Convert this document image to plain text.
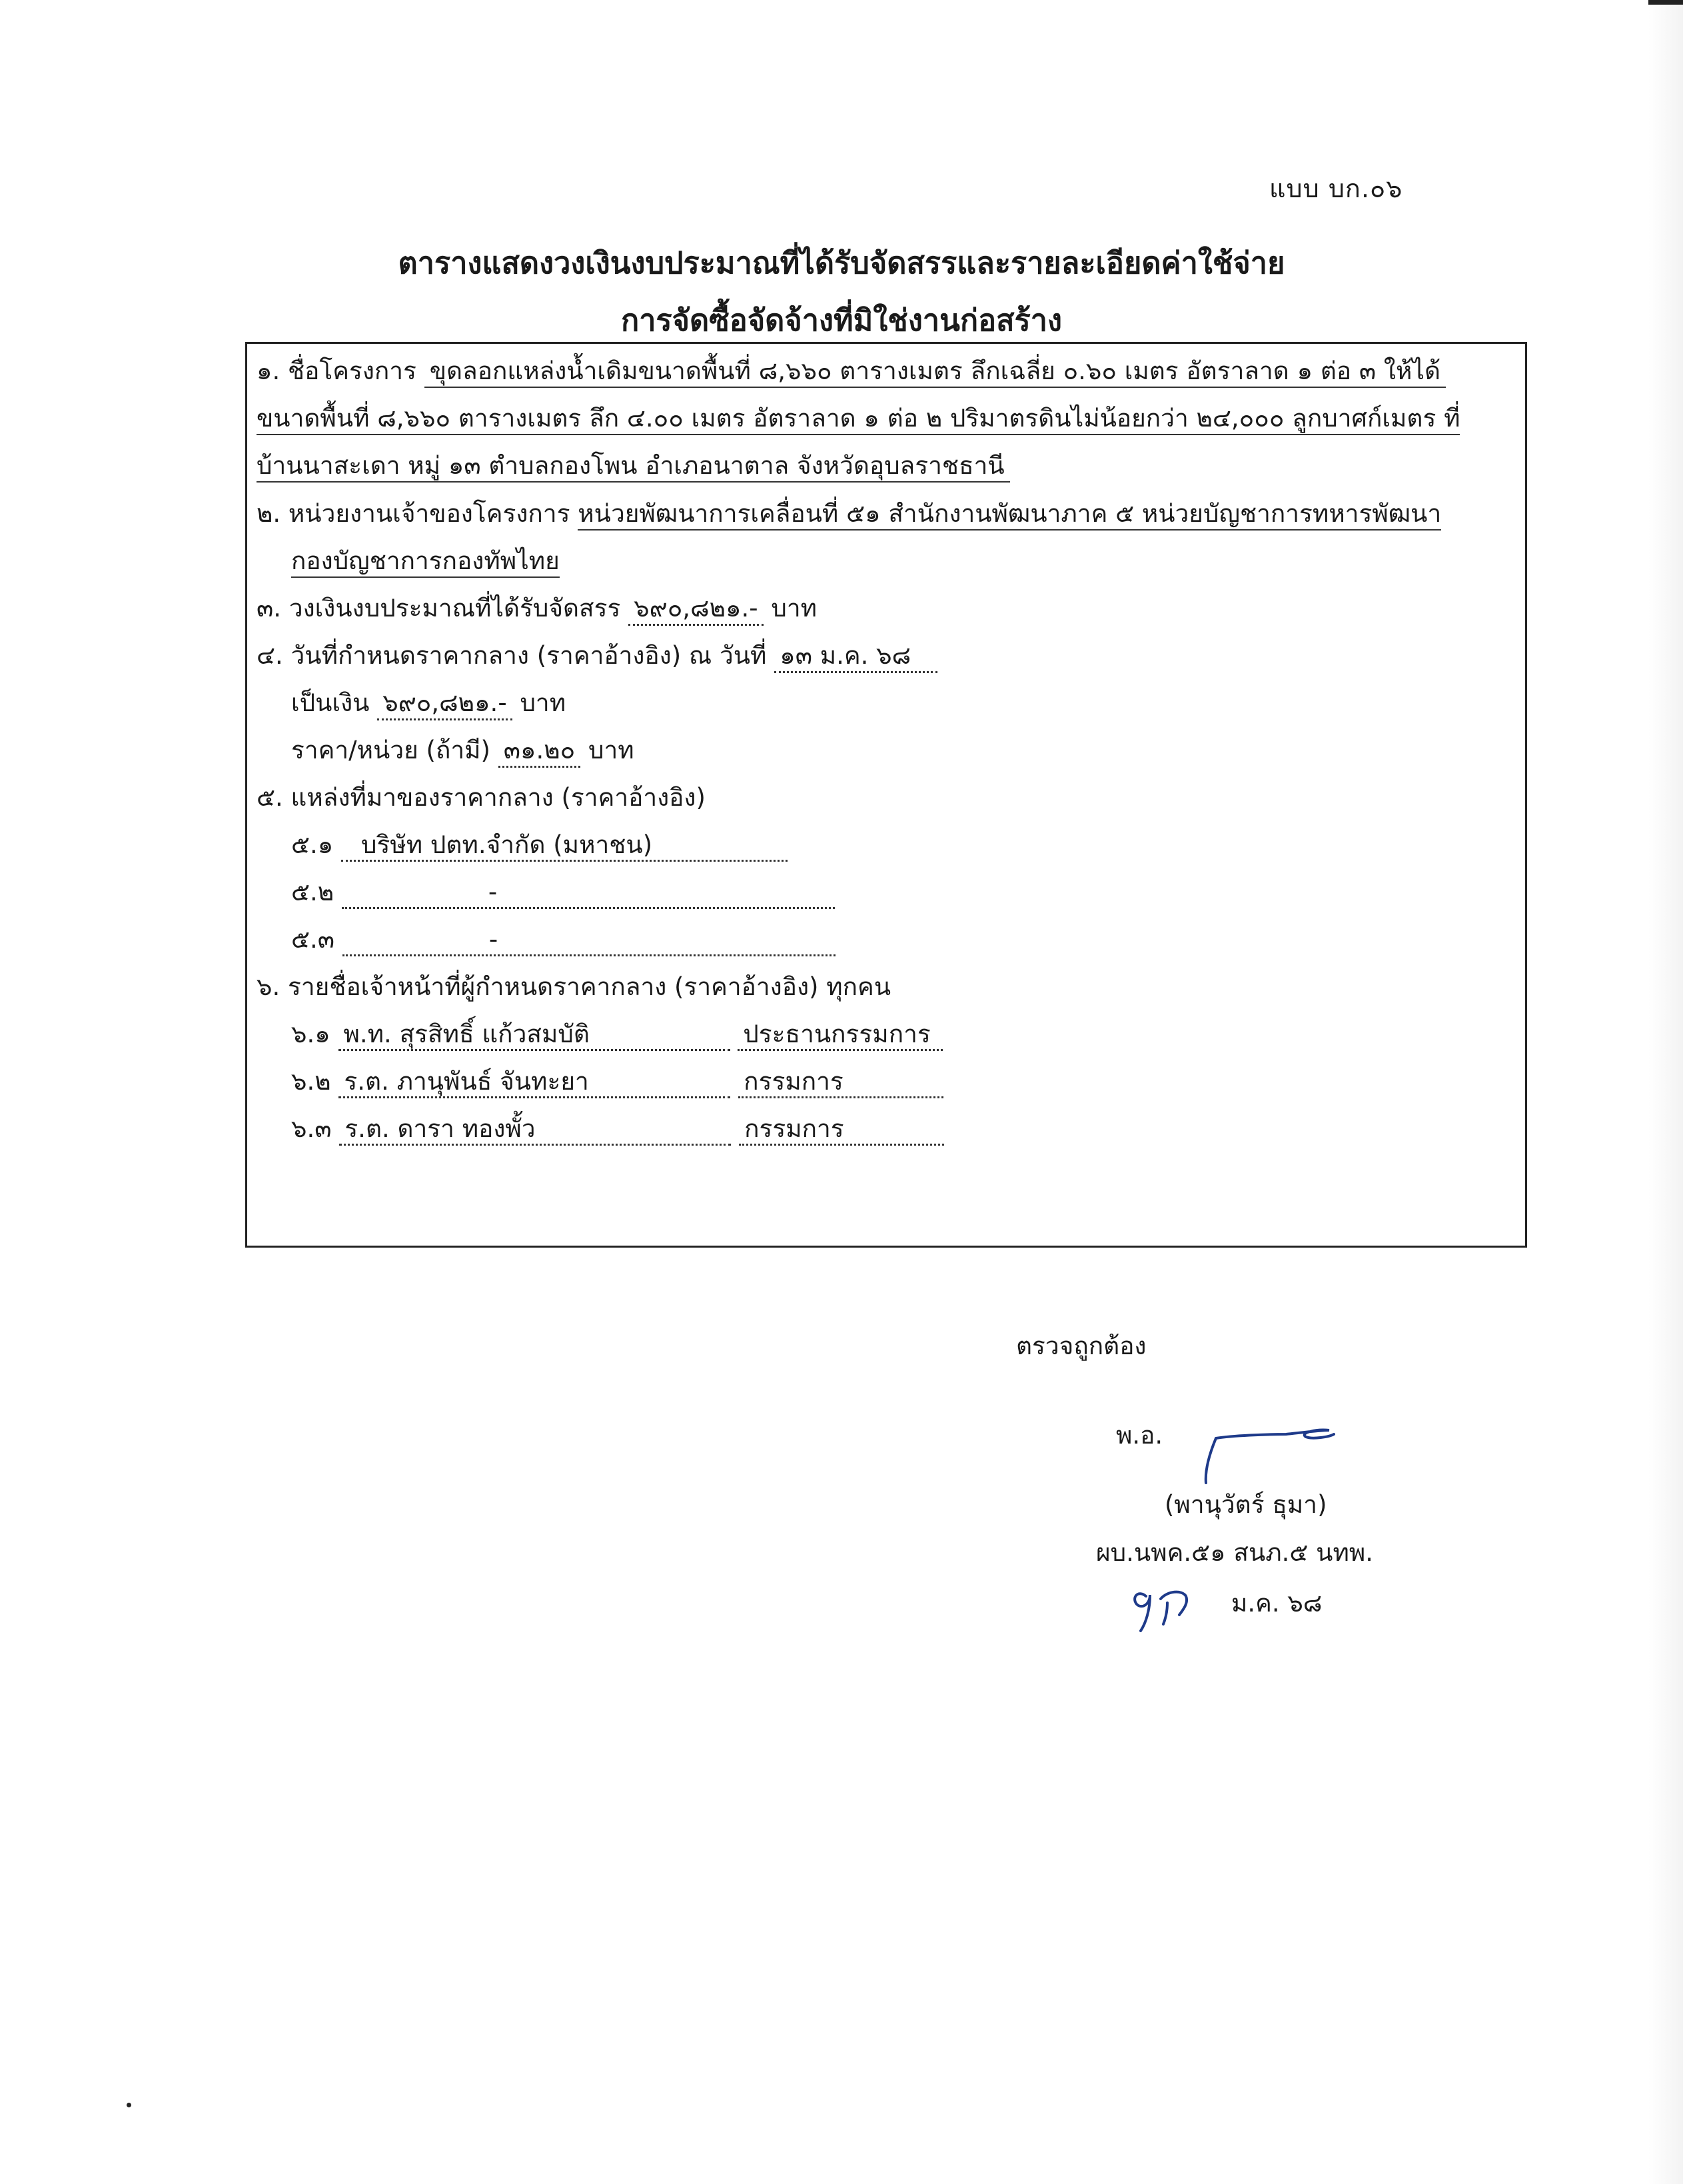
แบบ บก.๐๖
ตารางแสดงวงเงินงบประมาณที่ได้รับจัดสรรและรายละเอียดค่าใช้จ่าย
การจัดซื้อจัดจ้างที่มิใช่งานก่อสร้าง
๑. ชื่อโครงการ ขุดลอกแหล่งน้ำเดิมขนาดพื้นที่ ๘,๖๖๐ ตารางเมตร ลึกเฉลี่ย ๐.๖๐ เมตร อัตราลาด ๑ ต่อ ๓ ให้ได้
ขนาดพื้นที่ ๘,๖๖๐ ตารางเมตร ลึก ๔.๐๐ เมตร อัตราลาด ๑ ต่อ ๒ ปริมาตรดินไม่น้อยกว่า ๒๔,๐๐๐ ลูกบาศก์เมตร ที่
บ้านนาสะเดา หมู่ ๑๓ ตำบลกองโพน อำเภอนาตาล จังหวัดอุบลราชธานี
๒. หน่วยงานเจ้าของโครงการ หน่วยพัฒนาการเคลื่อนที่ ๕๑ สำนักงานพัฒนาภาค ๕ หน่วยบัญชาการทหารพัฒนา
กองบัญชาการกองทัพไทย
๓. วงเงินงบประมาณที่ได้รับจัดสรร ๖๙๐,๘๒๑.- บาท
๔. วันที่กำหนดราคากลาง (ราคาอ้างอิง) ณ วันที่ ๑๓ ม.ค. ๖๘
เป็นเงิน ๖๙๐,๘๒๑.- บาท
ราคา/หน่วย (ถ้ามี) ๓๑.๒๐ บาท
๕. แหล่งที่มาของราคากลาง (ราคาอ้างอิง)
๕.๑ บริษัท ปตท.จำกัด (มหาชน)
๕.๒	-
๕.๓	-
๖. รายชื่อเจ้าหน้าที่ผู้กำหนดราคากลาง (ราคาอ้างอิง) ทุกคน
๖.๑ พ.ท. สุรสิทธิ์ แก้วสมบัติ	ประธานกรรมการ
๖.๒ ร.ต. ภานุพันธ์ จันทะยา	กรรมการ
๖.๓ ร.ต. ดารา ทองพั้ว	กรรมการ
ตรวจถูกต้อง
พ.อ.
(พานุวัตร์ ธุมา)
ผบ.นพค.๕๑ สนภ.๕ นทพ.
ม.ค. ๖๘
